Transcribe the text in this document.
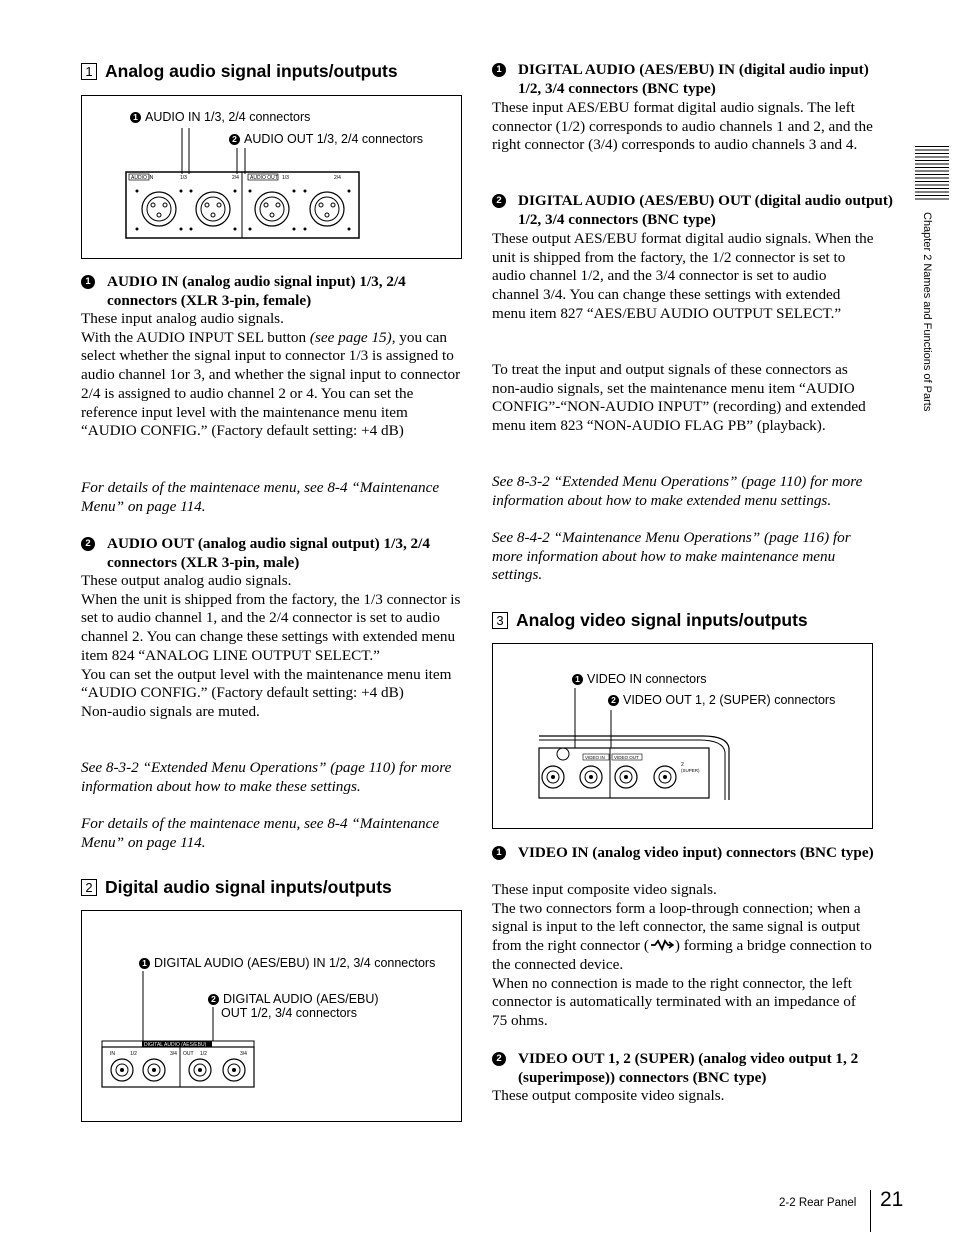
Chapter 2 Names and Functions of Parts
1 Analog audio signal inputs/outputs
1 AUDIO IN 1/3, 2/4 connectors
2 AUDIO OUT 1/3, 2/4 connectors
AUDIO IN	1/3	2/4 AUDIO OUT 1/3	2/4
1 AUDIO IN (analog audio signal input) 1/3, 2/4 connectors (XLR 3-pin, female)
These input analog audio signals.
With the AUDIO INPUT SEL button (see page 15), you can select whether the signal input to connector 1/3 is assigned to audio channel 1or 3, and whether the signal input to connector 2/4 is assigned to audio channel 2 or 4. You can set the reference input level with the maintenance menu item “AUDIO CONFIG.” (Factory default setting: +4 dB)
For details of the maintenace menu, see 8-4 “Maintenance Menu” on page 114.
2 AUDIO OUT (analog audio signal output) 1/3, 2/4 connectors (XLR 3-pin, male)
These output analog audio signals.
When the unit is shipped from the factory, the 1/3 connector is set to audio channel 1, and the 2/4 connector is set to audio channel 2. You can change these settings with extended menu item 824 “ANALOG LINE OUTPUT SELECT.”
You can set the output level with the maintenance menu item “AUDIO CONFIG.” (Factory default setting: +4 dB)
Non-audio signals are muted.
See 8-3-2 “Extended Menu Operations” (page 110) for more information about how to make these settings.
For details of the maintenace menu, see 8-4 “Maintenance Menu” on page 114.
2 Digital audio signal inputs/outputs
1 DIGITAL AUDIO (AES/EBU) IN 1/2, 3/4 connectors
2 DIGITAL AUDIO (AES/EBU)
OUT 1/2, 3/4 connectors
DIGITAL AUDIO (AES/EBU)
IN	1/2	3/4 OUT 1/2	3/4
1 DIGITAL AUDIO (AES/EBU) IN (digital audio input) 1/2, 3/4 connectors (BNC type)
These input AES/EBU format digital audio signals. The left connector (1/2) corresponds to audio channels 1 and 2, and the right connector (3/4) corresponds to audio channels 3 and 4.
2 DIGITAL AUDIO (AES/EBU) OUT (digital audio output) 1/2, 3/4 connectors (BNC type)
These output AES/EBU format digital audio signals. When the unit is shipped from the factory, the 1/2 connector is set to audio channel 1/2, and the 3/4 connector is set to audio channel 3/4. You can change these settings with extended menu item 827 “AES/EBU AUDIO OUTPUT SELECT.”
To treat the input and output signals of these connectors as non-audio signals, set the maintenance menu item “AUDIO CONFIG”-“NON-AUDIO INPUT” (recording) and extended menu item 823 “NON-AUDIO FLAG PB” (playback).
See 8-3-2 “Extended Menu Operations” (page 110) for more information about how to make extended menu settings.
See 8-4-2 “Maintenance Menu Operations” (page 116) for more information about how to make maintenance menu settings.
3 Analog video signal inputs/outputs
1 VIDEO IN connectors
2 VIDEO OUT 1, 2 (SUPER) connectors
VIDEO IN VIDEO OUT
2
(SUPER)
1 VIDEO IN (analog video input) connectors (BNC type)
These input composite video signals.
The two connectors form a loop-through connection; when a signal is input to the left connector, the same signal is output from the right connector ( ) forming a bridge connection to the connected device.
When no connection is made to the right connector, the left connector is automatically terminated with an impedance of 75 ohms.
2 VIDEO OUT 1, 2 (SUPER) (analog video output 1, 2 (superimpose)) connectors (BNC type)
These output composite video signals.
2-2 Rear Panel 21
